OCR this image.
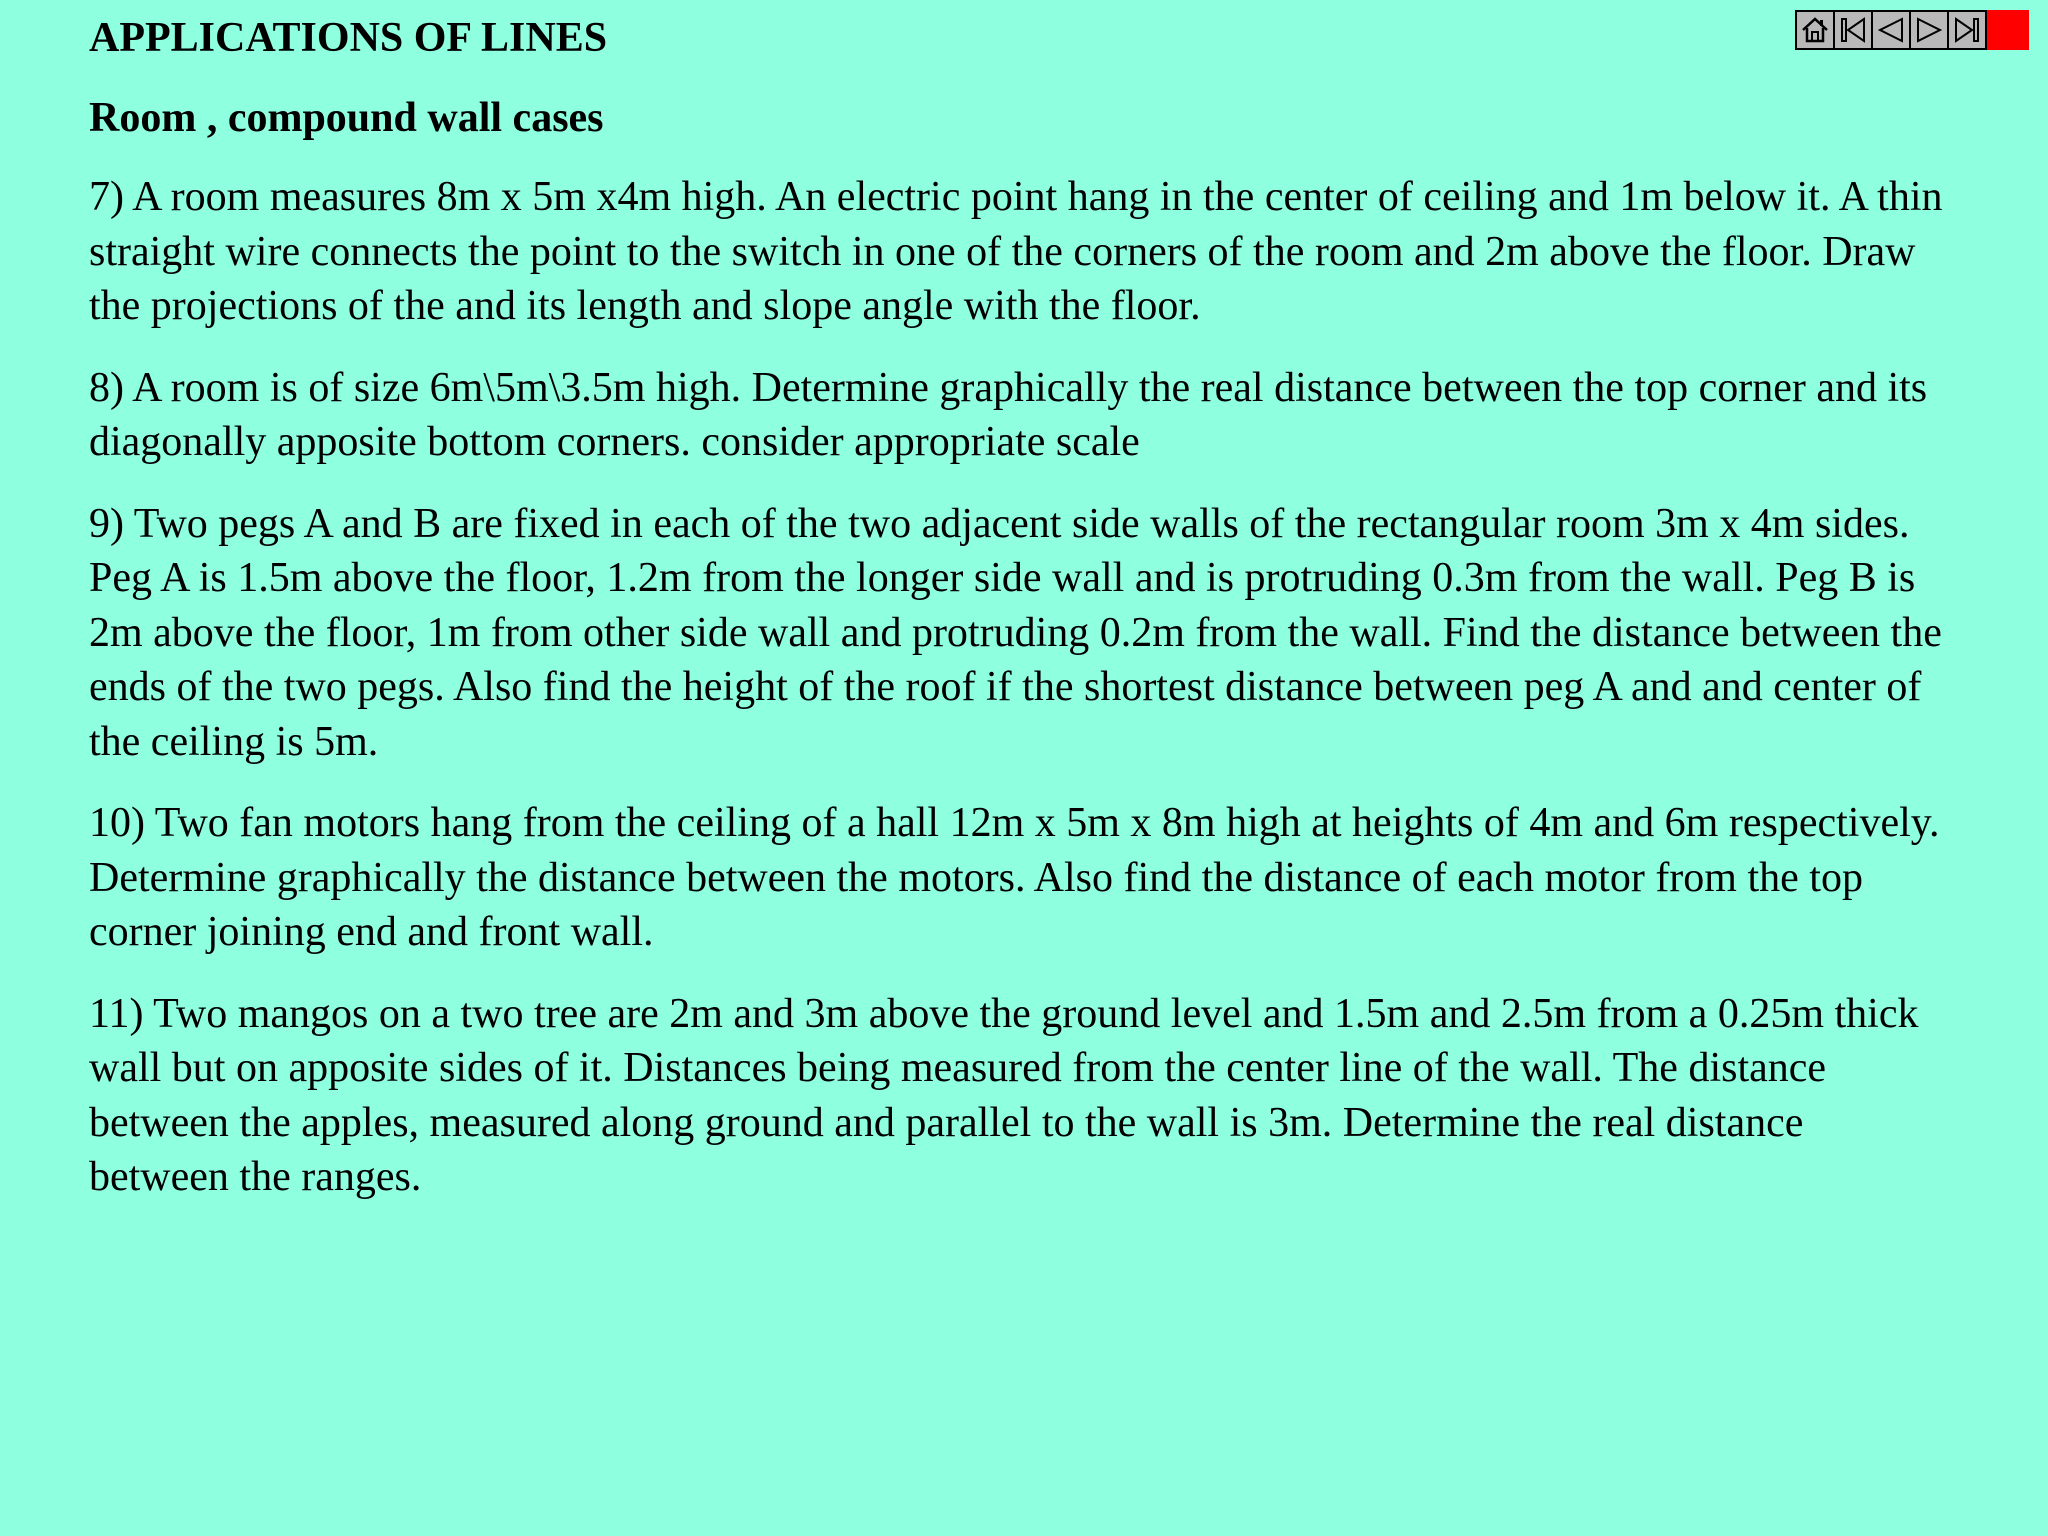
APPLICATIONS OF LINES
Room , compound wall cases

7) A room measures 8m x 5m x4m high. An electric point hang in the center of ceiling and 1m below it. A thin straight wire connects the point to the switch in one of the corners of the room and 2m above the floor. Draw the projections of the and its length and slope angle with the floor.

8) A room is of size 6m\5m\3.5m high. Determine graphically the real distance between the top corner and its diagonally apposite bottom corners. consider appropriate scale

9) Two pegs A and B are fixed in each of the two adjacent side walls of the rectangular room 3m x 4m sides. Peg A is 1.5m above the floor, 1.2m from the longer side wall and is protruding 0.3m from the wall. Peg B is 2m above the floor, 1m from other side wall and protruding 0.2m from the wall. Find the distance between the ends of the two pegs. Also find the height of the roof if the shortest distance between peg A and and center of the ceiling is 5m.

10) Two fan motors hang from the ceiling of a hall 12m x 5m x 8m high at heights of 4m and 6m respectively. Determine graphically the distance between the motors. Also find the distance of each motor from the top corner joining end and front wall.

11) Two mangos on a two tree are 2m and 3m above the ground level and 1.5m and 2.5m from a 0.25m thick wall but on apposite sides of it. Distances being measured from the center line of the wall. The distance between the apples, measured along ground and parallel to the wall is 3m. Determine the real distance between the ranges.
